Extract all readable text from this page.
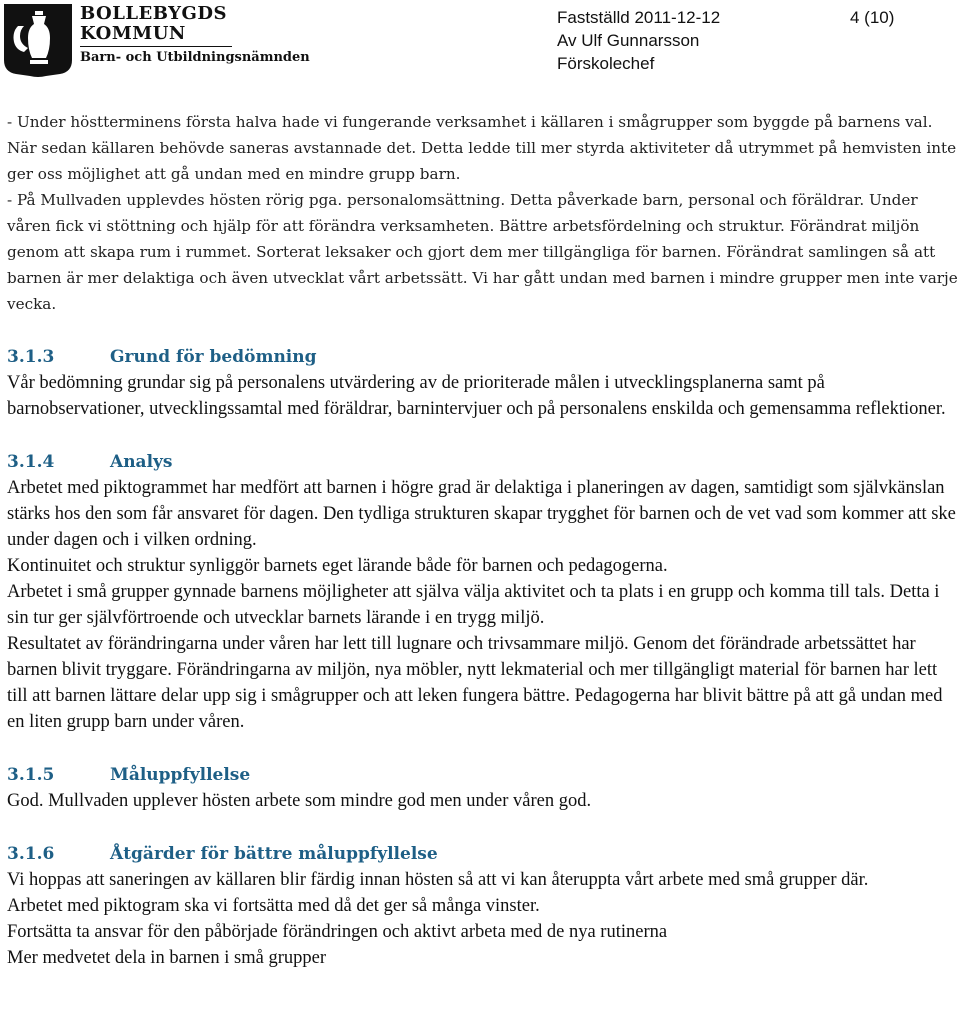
BOLLEBYGDS
KOMMUN
Barn- och Utbildningsnämnden
Fastställd 2011-12-12
Av Ulf Gunnarsson
Förskolechef
4 (10)

- Under höstterminens första halva hade vi fungerande verksamhet i källaren i smågrupper som byggde på barnens val. När sedan källaren behövde saneras avstannade det. Detta ledde till mer styrda aktiviteter då utrymmet på hemvisten inte ger oss möjlighet att gå undan med en mindre grupp barn.

- På Mullvaden upplevdes hösten rörig pga. personalomsättning. Detta påverkade barn, personal och föräldrar. Under våren fick vi stöttning och hjälp för att förändra verksamheten. Bättre arbetsfördelning och struktur. Förändrat miljön genom att skapa rum i rummet. Sorterat leksaker och gjort dem mer tillgängliga för barnen. Förändrat samlingen så att barnen är mer delaktiga och även utvecklat vårt arbetssätt. Vi har gått undan med barnen i mindre grupper men inte varje vecka.

3.1.3	Grund för bedömning

Vår bedömning grundar sig på personalens utvärdering av de prioriterade målen i utvecklingsplanerna samt på barnobservationer, utvecklingssamtal med föräldrar, barnintervjuer och på personalens enskilda och gemensamma reflektioner.

3.1.4	Analys

Arbetet med piktogrammet har medfört att barnen i högre grad är delaktiga i planeringen av dagen, samtidigt som självkänslan stärks hos den som får ansvaret för dagen. Den tydliga strukturen skapar trygghet för barnen och de vet vad som kommer att ske under dagen och i vilken ordning.

Kontinuitet och struktur synliggör barnets eget lärande både för barnen och pedagogerna.

Arbetet i små grupper gynnade barnens möjligheter att själva välja aktivitet och ta plats i en grupp och komma till tals. Detta i sin tur ger självförtroende och utvecklar barnets lärande i en trygg miljö.

Resultatet av förändringarna under våren har lett till lugnare och trivsammare miljö. Genom det förändrade arbetssättet har barnen blivit tryggare. Förändringarna av miljön, nya möbler, nytt lekmaterial och mer tillgängligt material för barnen har lett till att barnen lättare delar upp sig i smågrupper och att leken fungera bättre. Pedagogerna har blivit bättre på att gå undan med en liten grupp barn under våren.

3.1.5	Måluppfyllelse

God. Mullvaden upplever hösten arbete som mindre god men under våren god.

3.1.6	Åtgärder för bättre måluppfyllelse

Vi hoppas att saneringen av källaren blir färdig innan hösten så att vi kan återuppta vårt arbete med små grupper där.

Arbetet med piktogram ska vi fortsätta med då det ger så många vinster.

Fortsätta ta ansvar för den påbörjade förändringen och aktivt arbeta med de nya rutinerna

Mer medvetet dela in barnen i små grupper
